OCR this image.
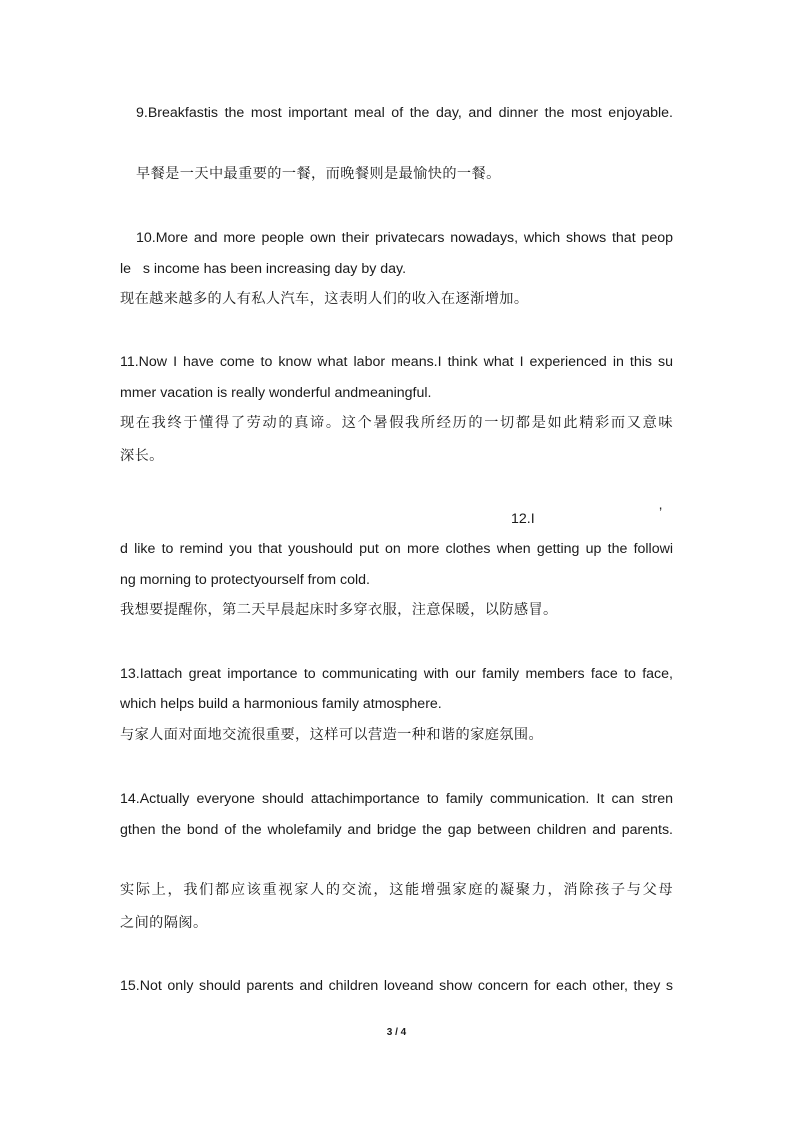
9.Breakfastis the most important meal of the day, and dinner the most enjoyable.
早餐是一天中最重要的一餐，而晚餐则是最愉快的一餐。
10.More and more people own their privatecars nowadays, which shows that peop
le   s income has been increasing day by day.
现在越来越多的人有私人汽车，这表明人们的收入在逐渐增加。
11.Now I have come to know what labor means.I think what I experienced in this su
mmer vacation is really wonderful andmeaningful.
现在我终于懂得了劳动的真谛。这个暑假我所经历的一切都是如此精彩而又意味
深长。
12.I	’
d like to remind you that youshould put on more clothes when getting up the followi
ng morning to protectyourself from cold.
我想要提醒你，第二天早晨起床时多穿衣服，注意保暖，以防感冒。
13.Iattach great importance to communicating with our family members face to face,
which helps build a harmonious family atmosphere.
与家人面对面地交流很重要，这样可以营造一种和谐的家庭氛围。
14.Actually everyone should attachimportance to family communication. It can stren
gthen the bond of the wholefamily and bridge the gap between children and parents.
实际上，我们都应该重视家人的交流，这能增强家庭的凝聚力，消除孩子与父母
之间的隔阂。
15.Not only should parents and children loveand show concern for each other, they s
3 / 4
